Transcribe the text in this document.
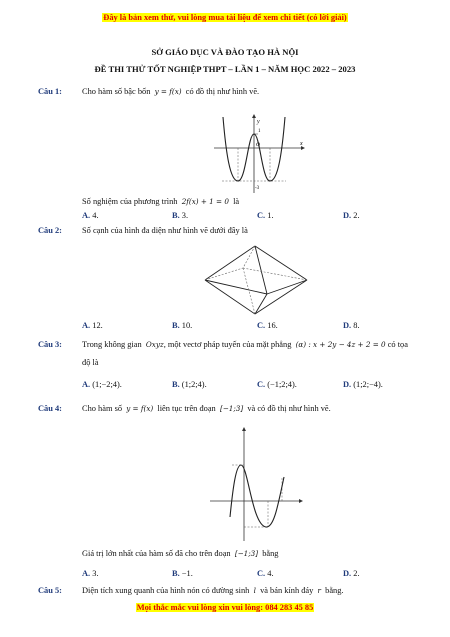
Đây là bản xem thử, vui lòng mua tài liệu để xem chi tiết (có lời giải)
SỞ GIÁO DỤC VÀ ĐÀO TẠO HÀ NỘI
ĐỀ THI THỬ TỐT NGHIỆP THPT – LẦN 1 – NĂM HỌC 2022 – 2023
Câu 1: Cho hàm số bậc bốn y = f(x) có đồ thị như hình vẽ.
y
x
O
1
-3
Số nghiệm của phương trình 2f(x) + 1 = 0 là
A. 4.	B. 3.	C. 1.	D. 2.
Câu 2: Số cạnh của hình đa diện như hình vẽ dưới đây là
A. 12.	B. 10.	C. 16.	D. 8.
Câu 3: Trong không gian Oxyz, một vectơ pháp tuyến của mặt phẳng (α) : x + 2y − 4z + 2 = 0 có tọa
độ là
A. (1;−2;4).	B. (1;2;4).	C. (−1;2;4).	D. (1;2;−4).
Câu 4: Cho hàm số y = f(x) liên tục trên đoạn [−1;3] và có đồ thị như hình vẽ.
Giá trị lớn nhất của hàm số đã cho trên đoạn [−1;3] bằng
A. 3.	B. −1.	C. 4.	D. 2.
Câu 5: Diện tích xung quanh của hình nón có đường sinh l và bán kính đáy r bằng.
Mọi thắc mắc vui lòng xin vui lòng: 084 283 45 85
